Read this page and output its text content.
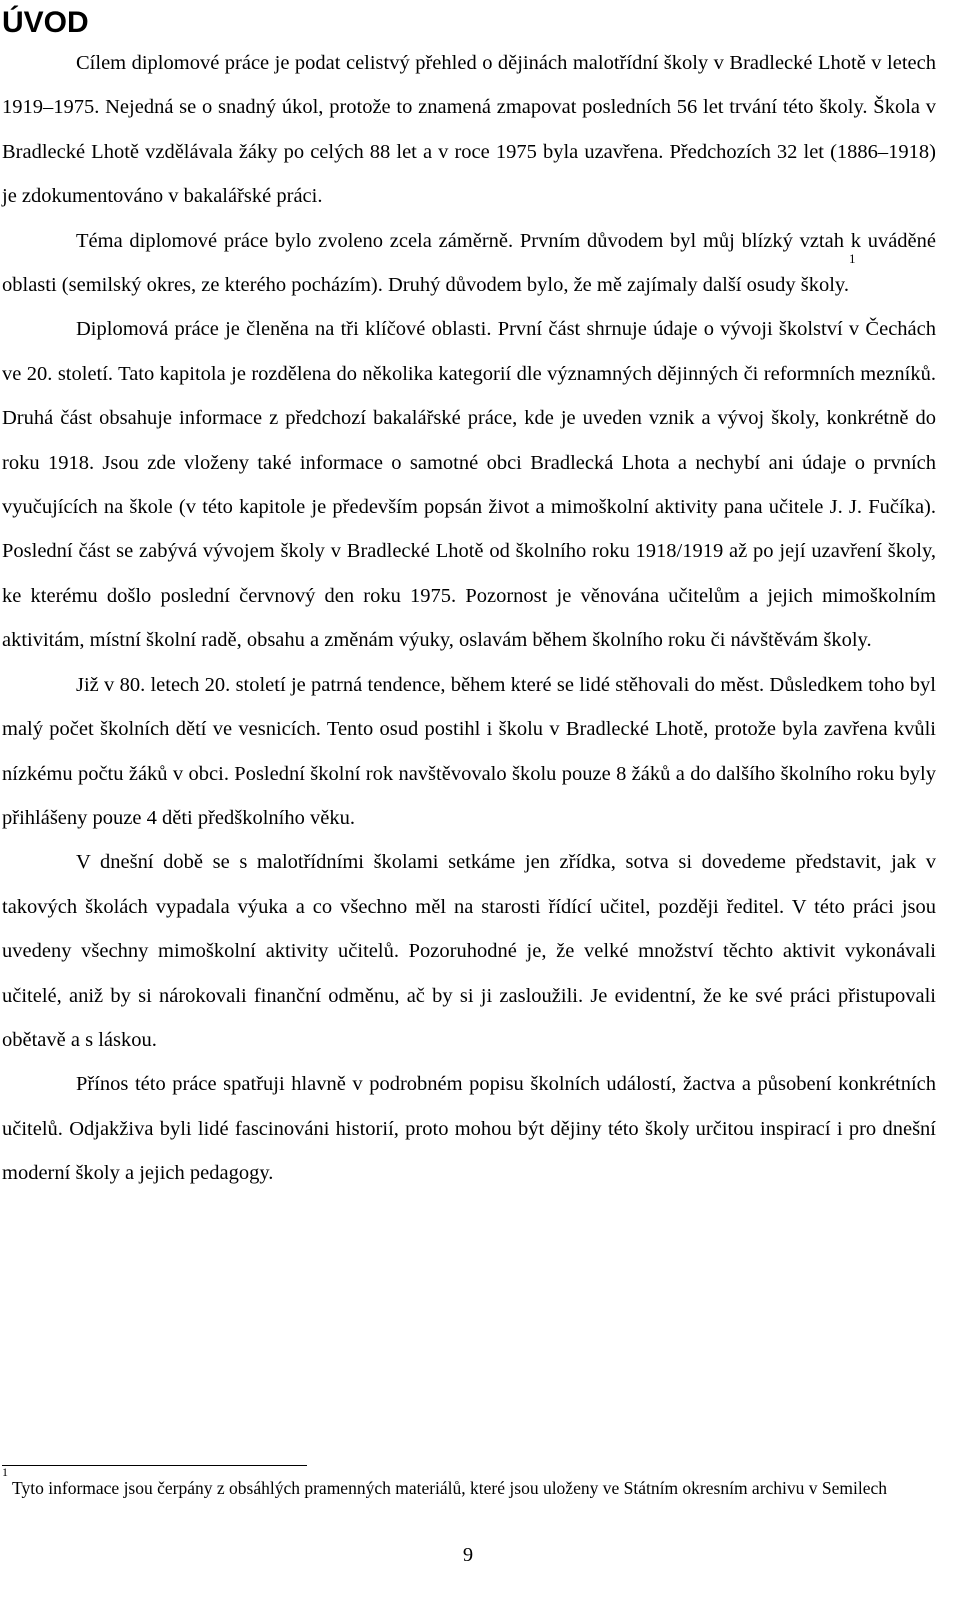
ÚVOD

Cílem diplomové práce je podat celistvý přehled o dějinách malotřídní školy v Bradlecké Lhotě v letech 1919–1975. Nejedná se o snadný úkol, protože to znamená zmapovat posledních 56 let trvání této školy. Škola v Bradlecké Lhotě vzdělávala žáky po celých 88 let a v roce 1975 byla uzavřena. Předchozích 32 let (1886–1918) je zdokumentováno v bakalářské práci.

Téma diplomové práce bylo zvoleno zcela záměrně. Prvním důvodem byl můj blízký vztah k uváděné oblasti (semilský okres, ze kterého pocházím). Druhý důvodem bylo, že mě zajímaly další osudy školy.$^1$

Diplomová práce je členěna na tři klíčové oblasti. První část shrnuje údaje o vývoji školství v Čechách ve 20. století. Tato kapitola je rozdělena do několika kategorií dle významných dějinných či reformních mezníků. Druhá část obsahuje informace z předchozí bakalářské práce, kde je uveden vznik a vývoj školy, konkrétně do roku 1918. Jsou zde vloženy také informace o samotné obci Bradlecká Lhota a nechybí ani údaje o prvních vyučujících na škole (v této kapitole je především popsán život a mimoškolní aktivity pana učitele J. J. Fučíka). Poslední část se zabývá vývojem školy v Bradlecké Lhotě od školního roku 1918/1919 až po její uzavření školy, ke kterému došlo poslední červnový den roku 1975. Pozornost je věnována učitelům a jejich mimoškolním aktivitám, místní školní radě, obsahu a změnám výuky, oslavám během školního roku či návštěvám školy.

Již v 80. letech 20. století je patrná tendence, během které se lidé stěhovali do měst. Důsledkem toho byl malý počet školních dětí ve vesnicích. Tento osud postihl i školu v Bradlecké Lhotě, protože byla zavřena kvůli nízkému počtu žáků v obci. Poslední školní rok navštěvovalo školu pouze 8 žáků a do dalšího školního roku byly přihlášeny pouze 4 děti předškolního věku.

V dnešní době se s malotřídními školami setkáme jen zřídka, sotva si dovedeme představit, jak v takových školách vypadala výuka a co všechno měl na starosti řídící učitel, později ředitel. V této práci jsou uvedeny všechny mimoškolní aktivity učitelů. Pozoruhodné je, že velké množství těchto aktivit vykonávali učitelé, aniž by si nárokovali finanční odměnu, ač by si ji zasloužili. Je evidentní, že ke své práci přistupovali obětavě a s láskou.

Přínos této práce spatřuji hlavně v podrobném popisu školních událostí, žactva a působení konkrétních učitelů. Odjakživa byli lidé fascinováni historií, proto mohou být dějiny této školy určitou inspirací i pro dnešní moderní školy a jejich pedagogy.

$^1$ Tyto informace jsou čerpány z obsáhlých pramenných materiálů, které jsou uloženy ve Státním okresním archivu v Semilech

9
